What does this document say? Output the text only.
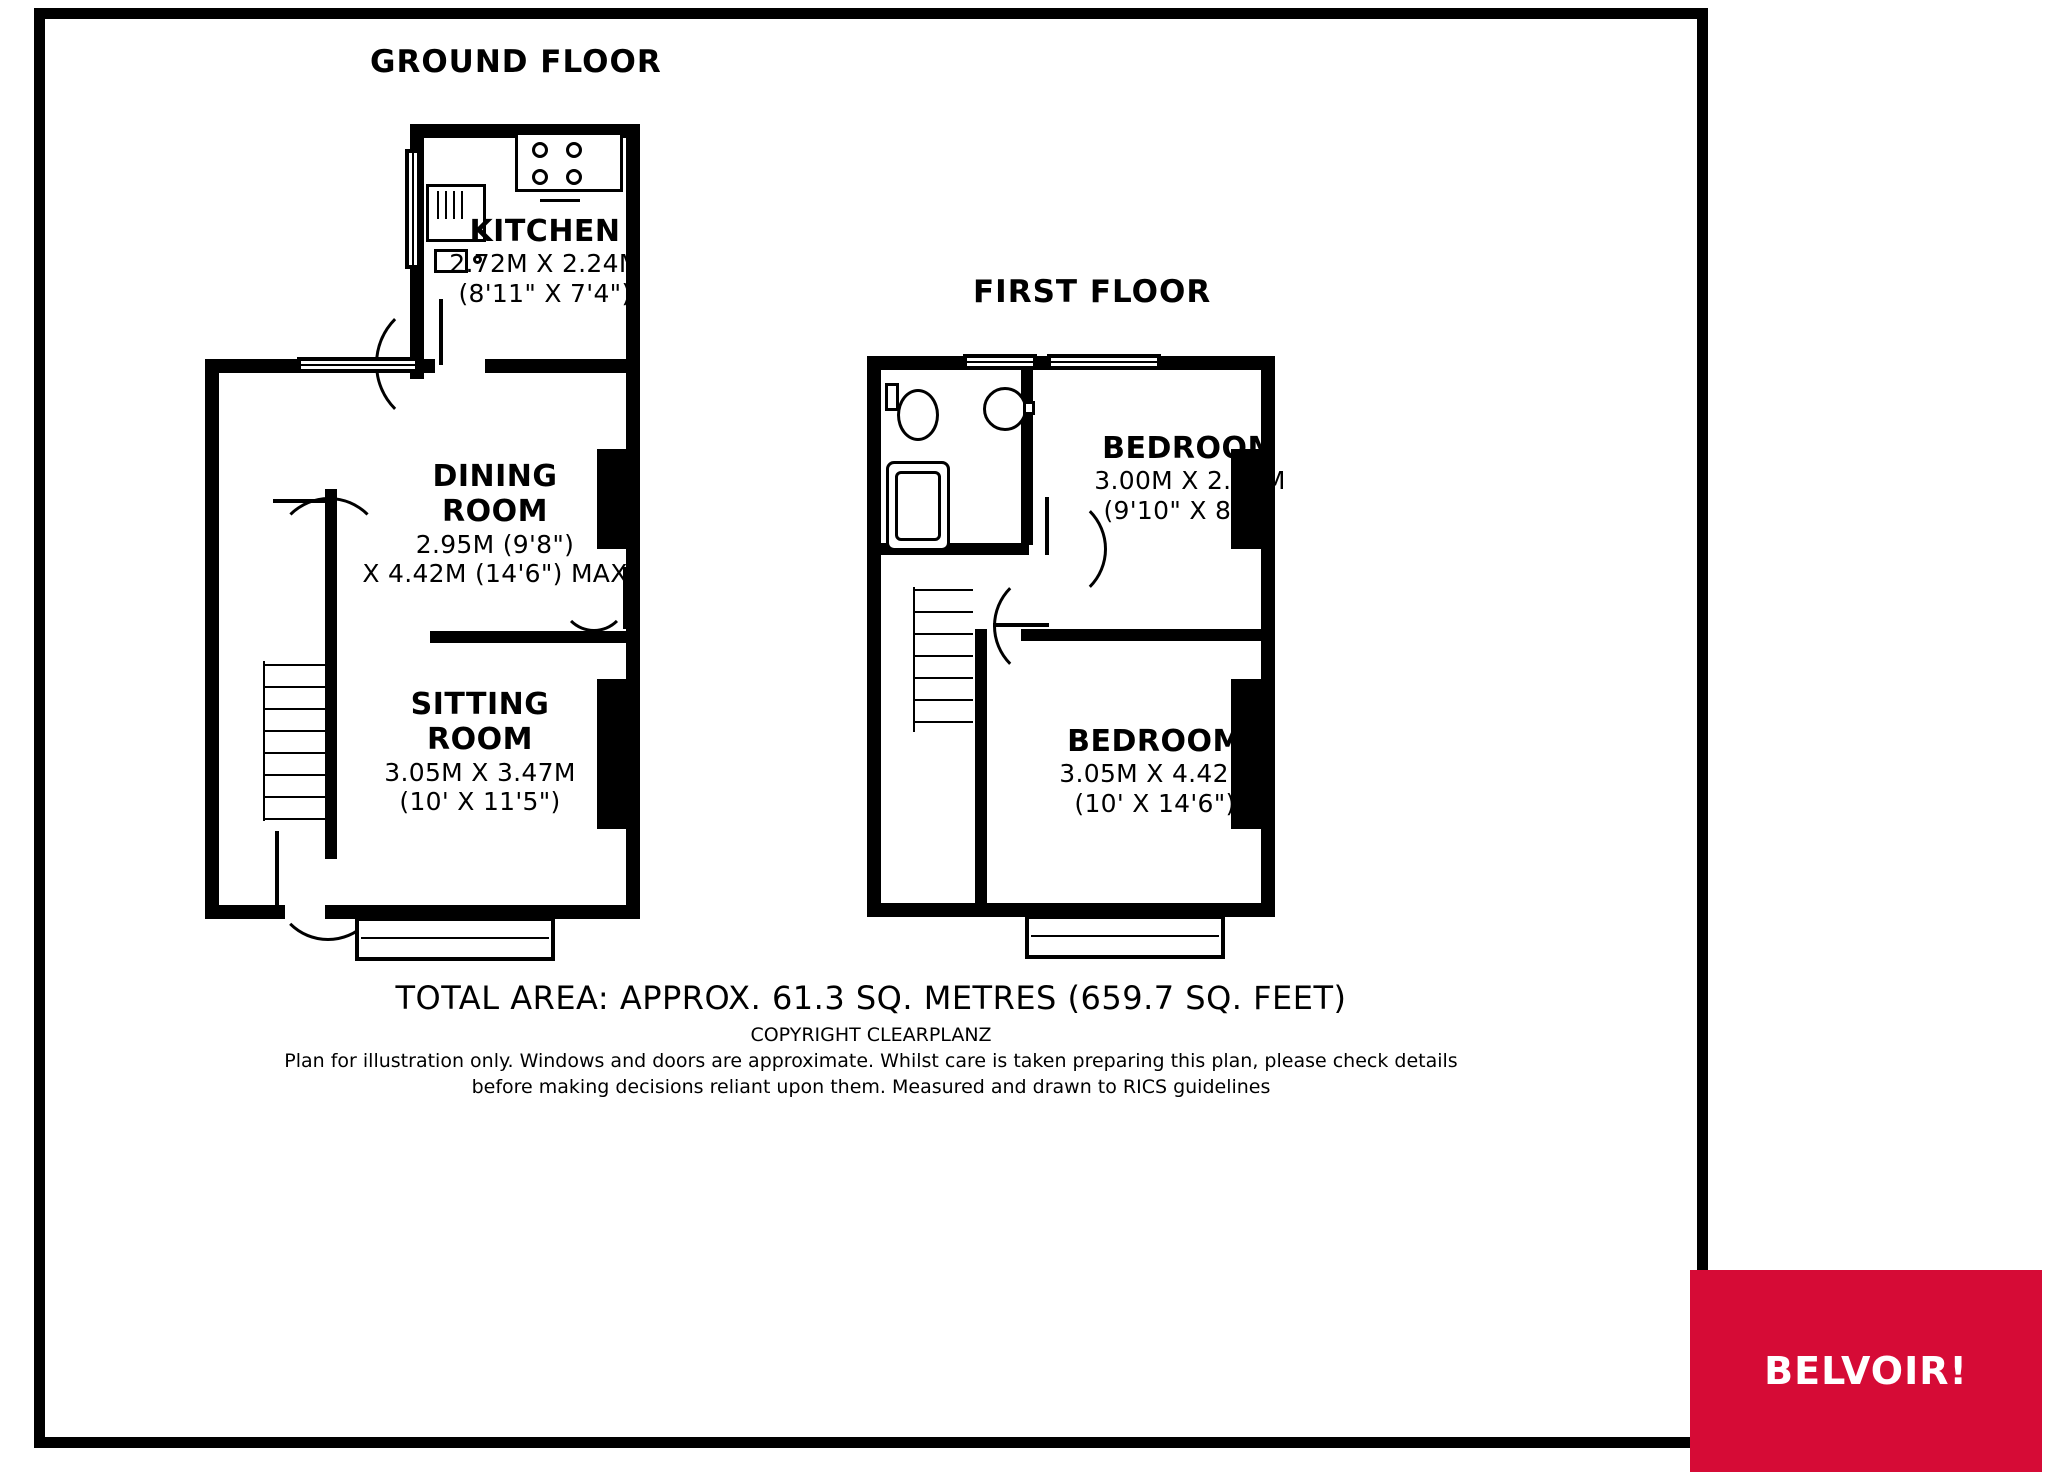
GROUND FLOOR
KITCHEN
2.72M X 2.24M
(8'11" X 7'4")
DINING
ROOM
2.95M (9'8")
X 4.42M (14'6") MAX
SITTING
ROOM
3.05M X 3.47M
(10' X 11'5")
FIRST FLOOR
BEDROOM
3.00M X 2.57M
(9'10" X 8'5")
BEDROOM
3.05M X 4.42M
(10' X 14'6")
TOTAL AREA: APPROX. 61.3 SQ. METRES (659.7 SQ. FEET)
COPYRIGHT CLEARPLANZ
Plan for illustration only. Windows and doors are approximate. Whilst care is taken preparing this plan, please check details
before making decisions reliant upon them. Measured and drawn to RICS guidelines
BELVOIR!
